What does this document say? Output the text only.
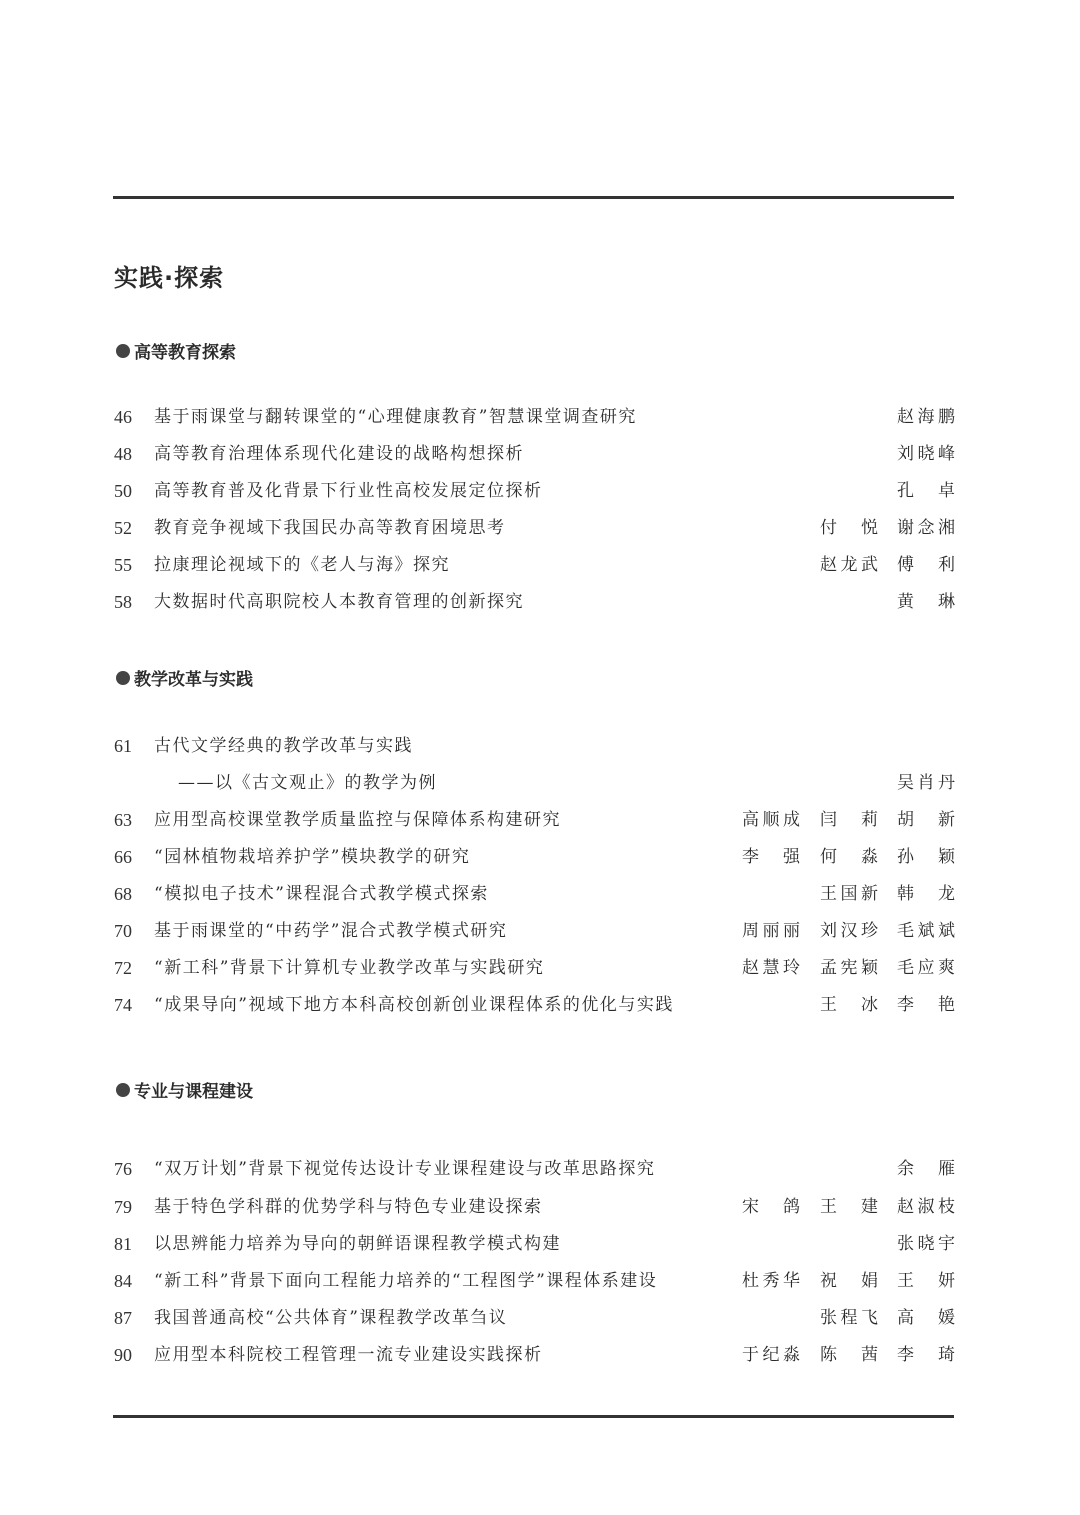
实践·探索
高等教育探索
46	基于雨课堂与翻转课堂的“心理健康教育”智慧课堂调查研究	赵海鹏
48	高等教育治理体系现代化建设的战略构想探析	刘晓峰
50	高等教育普及化背景下行业性高校发展定位探析	孔卓
52	教育竞争视域下我国民办高等教育困境思考	付悦 谢念湘
55	拉康理论视域下的《老人与海》探究	赵龙武 傅利
58	大数据时代高职院校人本教育管理的创新探究	黄琳
教学改革与实践
61	古代文学经典的教学改革与实践
——以《古文观止》的教学为例	吴肖丹
63	应用型高校课堂教学质量监控与保障体系构建研究	高顺成 闫莉 胡新
66	“园林植物栽培养护学”模块教学的研究	李强 何淼 孙颖
68	“模拟电子技术”课程混合式教学模式探索	王国新 韩龙
70	基于雨课堂的“中药学”混合式教学模式研究	周丽丽 刘汉珍 毛斌斌
72	“新工科”背景下计算机专业教学改革与实践研究	赵慧玲 孟宪颖 毛应爽
74	“成果导向”视域下地方本科高校创新创业课程体系的优化与实践	王冰 李艳
专业与课程建设
76	“双万计划”背景下视觉传达设计专业课程建设与改革思路探究	余雁
79	基于特色学科群的优势学科与特色专业建设探索	宋鸽 王建 赵淑枝
81	以思辨能力培养为导向的朝鲜语课程教学模式构建	张晓宇
84	“新工科”背景下面向工程能力培养的“工程图学”课程体系建设	杜秀华 祝娟 王妍
87	我国普通高校“公共体育”课程教学改革刍议	张程飞 高媛
90	应用型本科院校工程管理一流专业建设实践探析	于纪淼 陈茜 李琦
